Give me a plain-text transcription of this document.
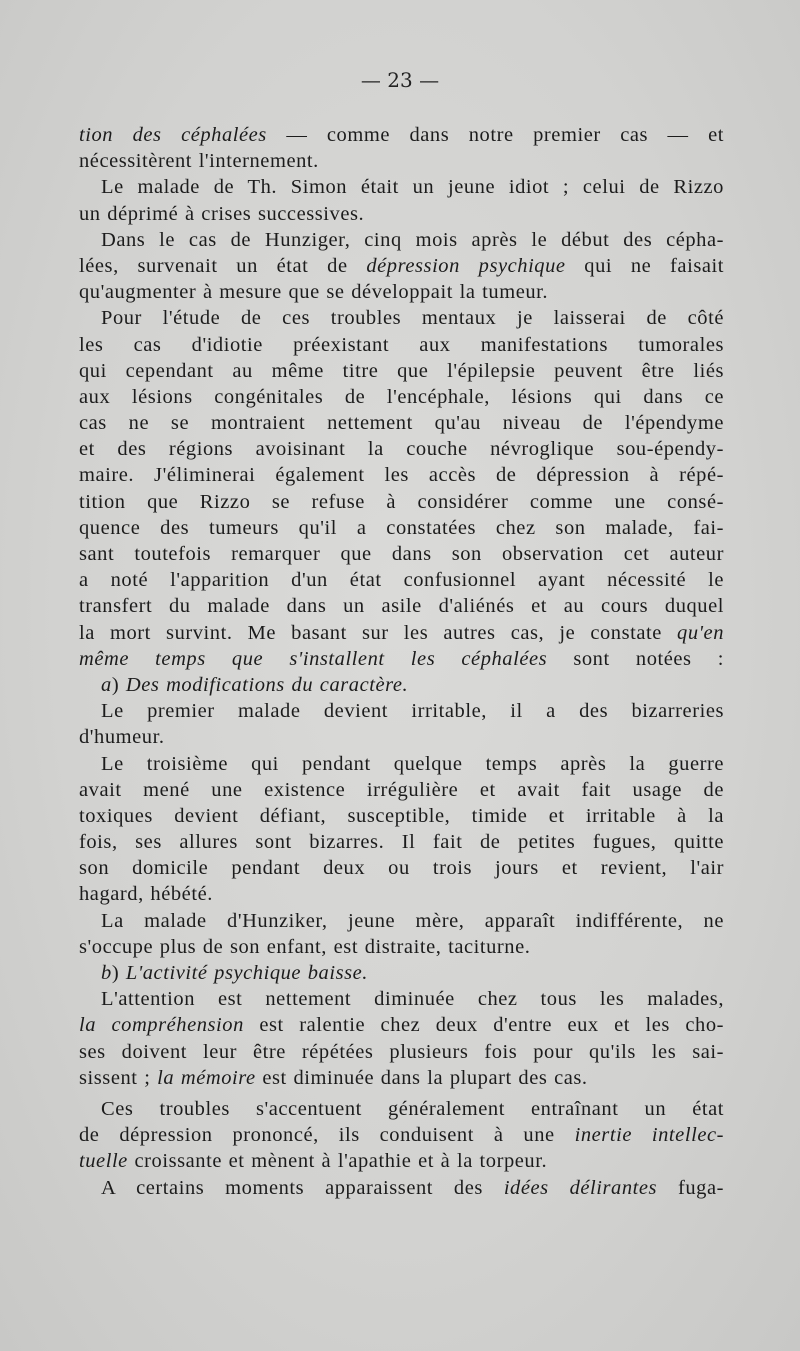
— 23 —
tion des céphalées — comme dans notre premier cas — et
nécessitèrent l'internement.
Le malade de Th. Simon était un jeune idiot ; celui de Rizzo
un déprimé à crises successives.
Dans le cas de Hunziger, cinq mois après le début des cépha-
lées, survenait un état de dépression psychique qui ne faisait
qu'augmenter à mesure que se développait la tumeur.
Pour l'étude de ces troubles mentaux je laisserai de côté
les cas d'idiotie préexistant aux manifestations tumorales
qui cependant au même titre que l'épilepsie peuvent être liés
aux lésions congénitales de l'encéphale, lésions qui dans ce
cas ne se montraient nettement qu'au niveau de l'épendyme
et des régions avoisinant la couche névroglique sou-épendy-
maire. J'éliminerai également les accès de dépression à répé-
tition que Rizzo se refuse à considérer comme une consé-
quence des tumeurs qu'il a constatées chez son malade, fai-
sant toutefois remarquer que dans son observation cet auteur
a noté l'apparition d'un état confusionnel ayant nécessité le
transfert du malade dans un asile d'aliénés et au cours duquel
la mort survint. Me basant sur les autres cas, je constate qu'en
même temps que s'installent les céphalées sont notées :
a) Des modifications du caractère.
Le premier malade devient irritable, il a des bizarreries
d'humeur.
Le troisième qui pendant quelque temps après la guerre
avait mené une existence irrégulière et avait fait usage de
toxiques devient défiant, susceptible, timide et irritable à la
fois, ses allures sont bizarres. Il fait de petites fugues, quitte
son domicile pendant deux ou trois jours et revient, l'air
hagard, hébété.
La malade d'Hunziker, jeune mère, apparaît indifférente, ne
s'occupe plus de son enfant, est distraite, taciturne.
b) L'activité psychique baisse.
L'attention est nettement diminuée chez tous les malades,
la compréhension est ralentie chez deux d'entre eux et les cho-
ses doivent leur être répétées plusieurs fois pour qu'ils les sai-
sissent ; la mémoire est diminuée dans la plupart des cas.
Ces troubles s'accentuent généralement entraînant un état
de dépression prononcé, ils conduisent à une inertie intellec-
tuelle croissante et mènent à l'apathie et à la torpeur.
A certains moments apparaissent des idées délirantes fuga-
